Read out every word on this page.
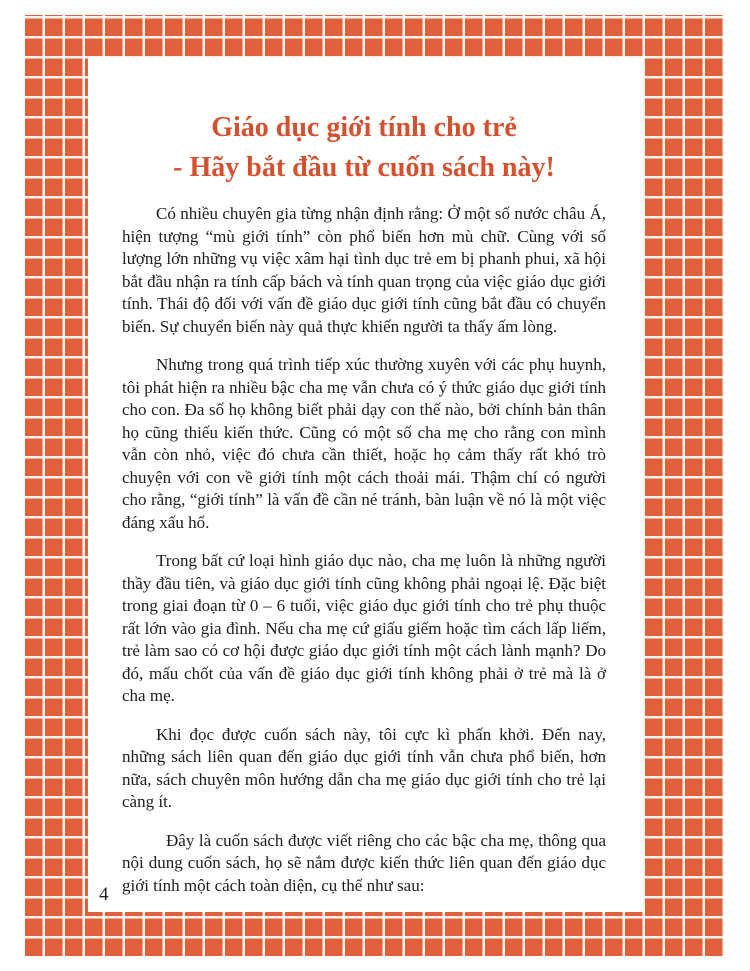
Giáo dục giới tính cho trẻ
- Hãy bắt đầu từ cuốn sách này!

Có nhiều chuyên gia từng nhận định rằng: Ở một số nước châu Á, hiện tượng “mù giới tính” còn phổ biến hơn mù chữ. Cùng với số lượng lớn những vụ việc xâm hại tình dục trẻ em bị phanh phui, xã hội bắt đầu nhận ra tính cấp bách và tính quan trọng của việc giáo dục giới tính. Thái độ đối với vấn đề giáo dục giới tính cũng bắt đầu có chuyển biến. Sự chuyển biến này quả thực khiến người ta thấy ấm lòng.

Nhưng trong quá trình tiếp xúc thường xuyên với các phụ huynh, tôi phát hiện ra nhiều bậc cha mẹ vẫn chưa có ý thức giáo dục giới tính cho con. Đa số họ không biết phải dạy con thế nào, bởi chính bản thân họ cũng thiếu kiến thức. Cũng có một số cha mẹ cho rằng con mình vẫn còn nhỏ, việc đó chưa cần thiết, hoặc họ cảm thấy rất khó trò chuyện với con về giới tính một cách thoải mái. Thậm chí có người cho rằng, “giới tính” là vấn đề cần né tránh, bàn luận về nó là một việc đáng xấu hổ.

Trong bất cứ loại hình giáo dục nào, cha mẹ luôn là những người thầy đầu tiên, và giáo dục giới tính cũng không phải ngoại lệ. Đặc biệt trong giai đoạn từ 0 – 6 tuổi, việc giáo dục giới tính cho trẻ phụ thuộc rất lớn vào gia đình. Nếu cha mẹ cứ giấu giếm hoặc tìm cách lấp liếm, trẻ làm sao có cơ hội được giáo dục giới tính một cách lành mạnh? Do đó, mấu chốt của vấn đề giáo dục giới tính không phải ở trẻ mà là ở cha mẹ.

Khi đọc được cuốn sách này, tôi cực kì phấn khởi. Đến nay, những sách liên quan đến giáo dục giới tính vẫn chưa phổ biến, hơn nữa, sách chuyên môn hướng dẫn cha mẹ giáo dục giới tính cho trẻ lại càng ít.

Đây là cuốn sách được viết riêng cho các bậc cha mẹ, thông qua nội dung cuốn sách, họ sẽ nắm được kiến thức liên quan đến giáo dục giới tính một cách toàn diện, cụ thể như sau:

4
